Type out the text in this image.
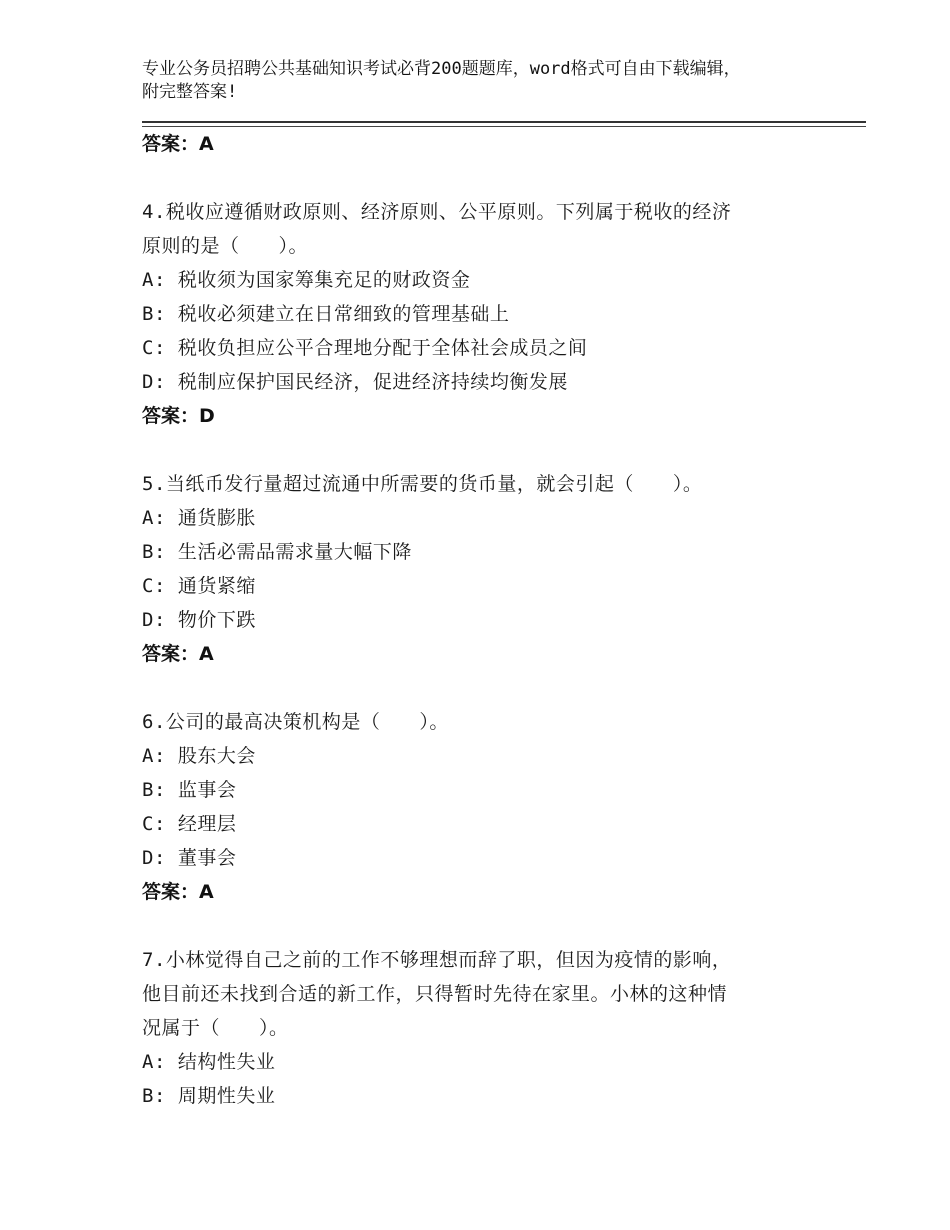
专业公务员招聘公共基础知识考试必背200题题库，word格式可自由下载编辑，
附完整答案!
答案：A
4.税收应遵循财政原则、经济原则、公平原则。下列属于税收的经济
原则的是（　　）。
A: 税收须为国家筹集充足的财政资金
B: 税收必须建立在日常细致的管理基础上
C: 税收负担应公平合理地分配于全体社会成员之间
D: 税制应保护国民经济，促进经济持续均衡发展
答案：D
5.当纸币发行量超过流通中所需要的货币量，就会引起（　　）。
A: 通货膨胀
B: 生活必需品需求量大幅下降
C: 通货紧缩
D: 物价下跌
答案：A
6.公司的最高决策机构是（　　）。
A: 股东大会
B: 监事会
C: 经理层
D: 董事会
答案：A
7.小林觉得自己之前的工作不够理想而辞了职，但因为疫情的影响，
他目前还未找到合适的新工作，只得暂时先待在家里。小林的这种情
况属于（　　）。
A: 结构性失业
B: 周期性失业
